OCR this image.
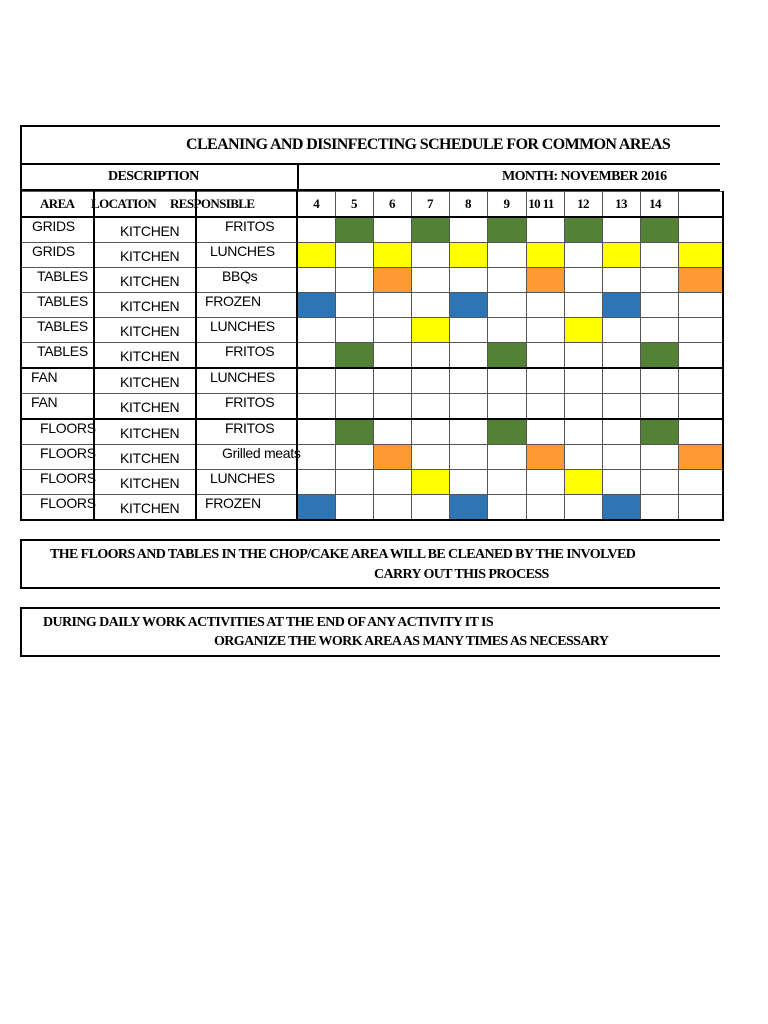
CLEANING AND DISINFECTING SCHEDULE FOR COMMON AREAS
DESCRIPTION	MONTH: NOVEMBER 2016
AREA	LOCATION	RESPONSIBLE	4	5	6	7	8	9	10 11	12	13	14	

GRIDS	KITCHEN	FRITOS											
GRIDS	KITCHEN	LUNCHES											
TABLES	KITCHEN	BBQs											
TABLES	KITCHEN	FROZEN											
TABLES	KITCHEN	LUNCHES											
TABLES	KITCHEN	FRITOS											
FAN	KITCHEN	LUNCHES											
FAN	KITCHEN	FRITOS											
FLOORS	KITCHEN	FRITOS											
FLOORS	KITCHEN	Grilled meats											
FLOORS	KITCHEN	LUNCHES											
FLOORS	KITCHEN	FROZEN											
THE FLOORS AND TABLES IN THE CHOP/CAKE AREA WILL BE CLEANED BY THE INVOLVED
CARRY OUT THIS PROCESS
DURING DAILY WORK ACTIVITIES AT THE END OF ANY ACTIVITY IT IS
ORGANIZE THE WORK AREA AS MANY TIMES AS NECESSARY
